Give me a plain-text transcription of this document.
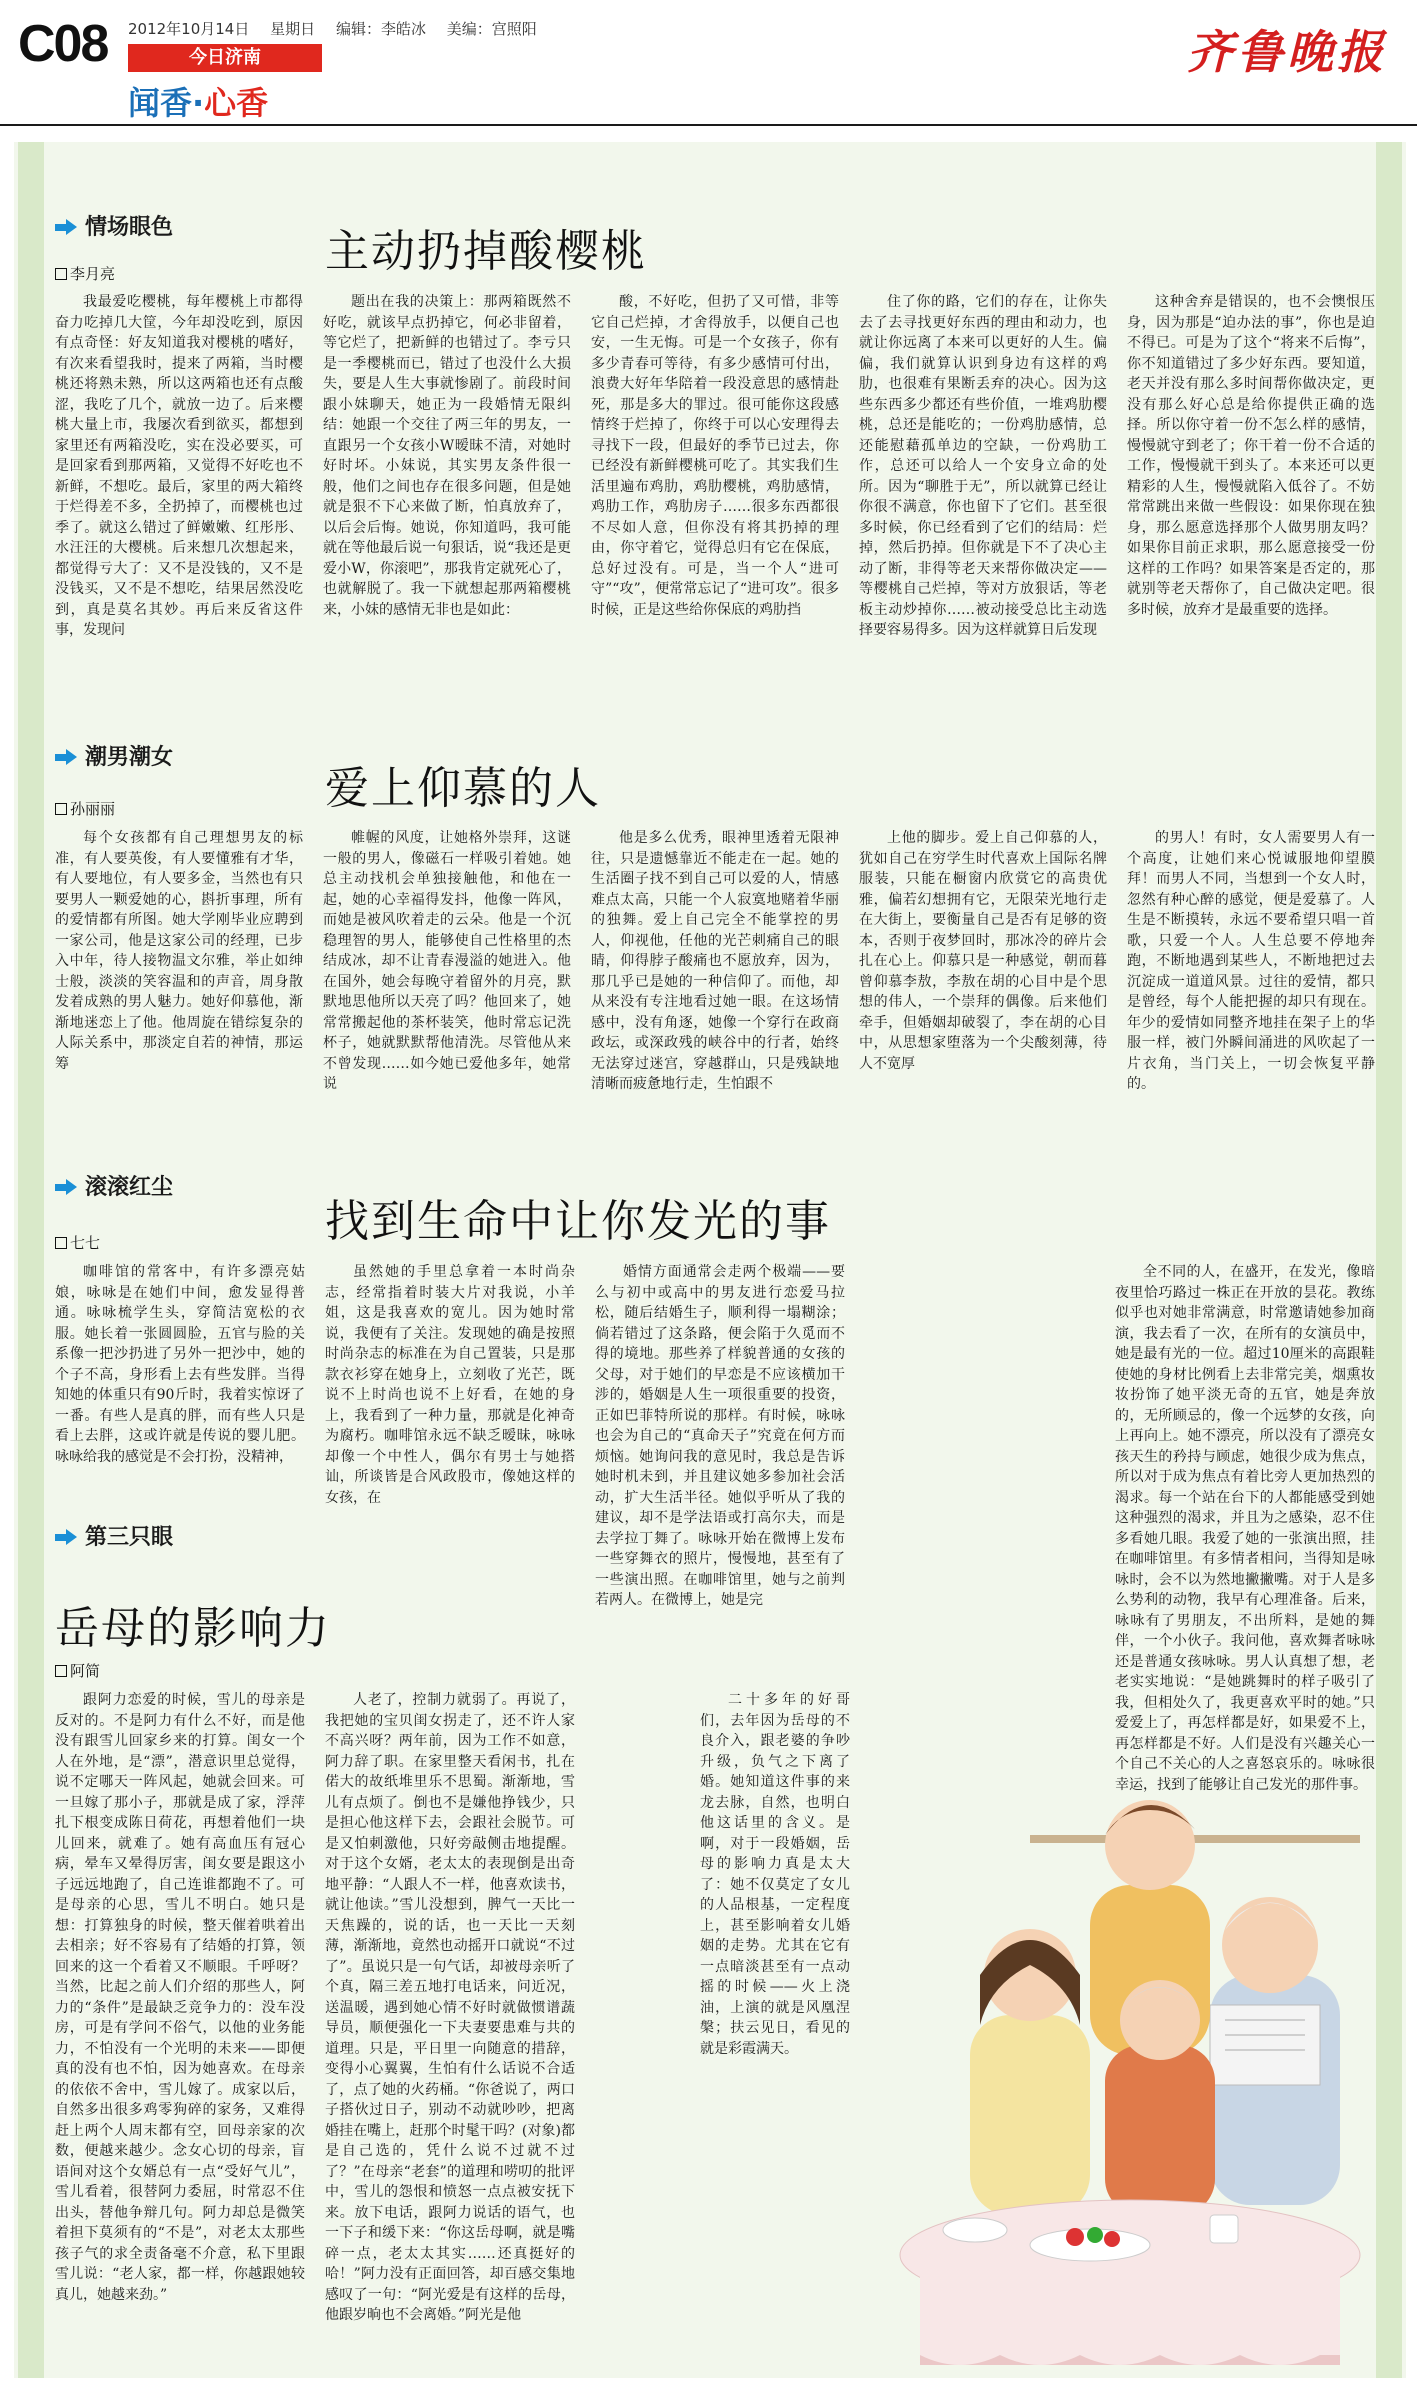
C08 2012年10月14日 星期日 编辑：李皓冰 美编：宫照阳
今日济南
闻香·心香
齐鲁晚报
情场眼色	主动扔掉酸樱桃
李月亮

我最爱吃樱桃，每年樱桃上市都得奋力吃掉几大筐，今年却没吃到，原因有点奇怪：好友知道我对樱桃的嗜好，有次来看望我时，提来了两箱，当时樱桃还将熟未熟，所以这两箱也还有点酸涩，我吃了几个，就放一边了。后来樱桃大量上市，我屡次看到欲买，都想到家里还有两箱没吃，实在没必要买，可是回家看到那两箱，又觉得不好吃也不新鲜，不想吃。最后，家里的两大箱终于烂得差不多，全扔掉了，而樱桃也过季了。就这么错过了鲜嫩嫩、红彤彤、水汪汪的大樱桃。后来想几次想起来，都觉得亏大了：又不是没钱的，又不是没钱买，又不是不想吃，结果居然没吃到，真是莫名其妙。再后来反省这件事，发现问

题出在我的决策上：那两箱既然不好吃，就该早点扔掉它，何必非留着，等它烂了，把新鲜的也错过了。李亏只是一季樱桃而已，错过了也没什么大损失，要是人生大事就惨剧了。前段时间跟小妹聊天，她正为一段婚情无限纠结：她跟一个交往了两三年的男友，一直跟另一个女孩小W暧昧不清，对她时好时坏。小妹说，其实男友条件很一般，他们之间也存在很多问题，但是她就是狠不下心来做了断，怕真放弃了，以后会后悔。她说，你知道吗，我可能就在等他最后说一句狠话，说“我还是更爱小W，你滚吧”，那我肯定就死心了，也就解脱了。我一下就想起那两箱樱桃来，小妹的感情无非也是如此：

酸，不好吃，但扔了又可惜，非等它自己烂掉，才舍得放手，以便自己也安，一生无悔。可是一个女孩子，你有多少青春可等待，有多少感情可付出，浪费大好年华陪着一段没意思的感情赴死，那是多大的罪过。很可能你这段感情终于烂掉了，你终于可以心安理得去寻找下一段，但最好的季节已过去，你已经没有新鲜樱桃可吃了。其实我们生活里遍布鸡肋，鸡肋樱桃，鸡肋感情，鸡肋工作，鸡肋房子……很多东西都很不尽如人意，但你没有将其扔掉的理由，你守着它，觉得总归有它在保底，总好过没有。可是，当一个人“进可守”“攻”，便常常忘记了“进可攻”。很多时候，正是这些给你保底的鸡肋挡

住了你的路，它们的存在，让你失去了去寻找更好东西的理由和动力，也就让你远离了本来可以更好的人生。偏偏，我们就算认识到身边有这样的鸡肋，也很难有果断丢弃的决心。因为这些东西多少都还有些价值，一堆鸡肋樱桃，总还是能吃的；一份鸡肋感情，总还能慰藉孤单边的空缺，一份鸡肋工作，总还可以给人一个安身立命的处所。因为“聊胜于无”，所以就算已经让你很不满意，你也留下了它们。甚至很多时候，你已经看到了它们的结局：烂掉，然后扔掉。但你就是下不了决心主动了断，非得等老天来帮你做决定——等樱桃自己烂掉，等对方放狠话，等老板主动炒掉你……被动接受总比主动选择要容易得多。因为这样就算日后发现

这种舍弃是错误的，也不会懊恨压身，因为那是“迫办法的事”，你也是迫不得已。可是为了这个“将来不后悔”，你不知道错过了多少好东西。要知道，老天并没有那么多时间帮你做决定，更没有那么好心总是给你提供正确的选择。所以你守着一份不怎么样的感情，慢慢就守到老了；你干着一份不合适的工作，慢慢就干到头了。本来还可以更精彩的人生，慢慢就陷入低谷了。不妨常常跳出来做一些假设：如果你现在独身，那么愿意选择那个人做男朋友吗？如果你目前正求职，那么愿意接受一份这样的工作吗？如果答案是否定的，那就别等老天帮你了，自己做决定吧。很多时候，放弃才是最重要的选择。

潮男潮女
爱上仰慕的人
孙丽丽

每个女孩都有自己理想男友的标准，有人要英俊，有人要懂雅有才华，有人要地位，有人要多金，当然也有只要男人一颗爱她的心，斟折事理，所有的爱情都有所图。她大学刚毕业应聘到一家公司，他是这家公司的经理，已步入中年，待人接物温文尔雅，举止如绅士般，淡淡的笑容温和的声音，周身散发着成熟的男人魅力。她好仰慕他，渐渐地迷恋上了他。他周旋在错综复杂的人际关系中，那淡定自若的神情，那运筹

帷幄的风度，让她格外崇拜，这谜一般的男人，像磁石一样吸引着她。她总主动找机会单独接触他，和他在一起，她的心幸福得发抖，他像一阵风，而她是被风吹着走的云朵。他是一个沉稳理智的男人，能够使自己性格里的杰结成冰，却不让青春漫溢的她进入。他在国外，她会每晚守着留外的月亮，默默地思他所以天亮了吗？他回来了，她常常搬起他的茶杯装笑，他时常忘记洗杯子，她就默默帮他清洗。尽管他从来不曾发现……如今她已爱他多年，她常说

他是多么优秀，眼神里透着无限神往，只是遗憾靠近不能走在一起。她的生活圈子找不到自己可以爱的人，情感难点太高，只能一个人寂寞地赌着华丽的独舞。爱上自己完全不能掌控的男人，仰视他，任他的光芒刺痛自己的眼睛，仰得脖子酸痛也不愿放弃，因为，那几乎已是她的一种信仰了。而他，却从来没有专注地看过她一眼。在这场情感中，没有角逐，她像一个穿行在政商政坛，或深政残的峡谷中的行者，始终无法穿过迷宫，穿越群山，只是残缺地清晰而疲惫地行走，生怕跟不

上他的脚步。爱上自己仰慕的人，犹如自己在穷学生时代喜欢上国际名牌服装，只能在橱窗内欣赏它的高贵优雅，偏若幻想拥有它，无限荣光地行走在大街上，要衡量自己是否有足够的资本，否则于夜梦回时，那冰冷的碎片会扎在心上。仰慕只是一种感觉，朝而暮曾仰慕李敖，李敖在胡的心目中是个思想的伟人，一个崇拜的偶像。后来他们牵手，但婚姻却破裂了，李在胡的心目中，从思想家堕落为一个尖酸刻薄，待人不宽厚

的男人！有时，女人需要男人有一个高度，让她们来心悦诚服地仰望膜拜！而男人不同，当想到一个女人时，忽然有种心醉的感觉，便是爱慕了。人生是不断摸转，永远不要希望只唱一首歌，只爱一个人。人生总要不停地奔跑，不断地遇到某些人，不断地把过去沉淀成一道道风景。过往的爱情，都只是曾经，每个人能把握的却只有现在。年少的爱情如同整齐地挂在架子上的华服一样，被门外瞬间涌进的风吹起了一片衣角，当门关上，一切会恢复平静的。

滚滚红尘
找到生命中让你发光的事
七七

咖啡馆的常客中，有许多漂亮姑娘，咏咏是在她们中间，愈发显得普通。咏咏梳学生头，穿简洁宽松的衣服。她长着一张圆圆脸，五官与脸的关系像一把沙扔进了另外一把沙中，她的个子不高，身形看上去有些发胖。当得知她的体重只有90斤时，我着实惊讶了一番。有些人是真的胖，而有些人只是看上去胖，这或许就是传说的婴儿肥。咏咏给我的感觉是不会打扮，没精神，

虽然她的手里总拿着一本时尚杂志，经常指着时装大片对我说，小羊姐，这是我喜欢的宽儿。因为她时常说，我便有了关注。发现她的确是按照时尚杂志的标准在为自己置装，只是那款衣衫穿在她身上，立刻收了光芒，既说不上时尚也说不上好看，在她的身上，我看到了一种力量，那就是化神奇为腐朽。咖啡馆永远不缺乏暧昧，咏咏却像一个中性人，偶尔有男士与她搭讪，所谈皆是合风政股市，像她这样的女孩，在

婚情方面通常会走两个极端——要么与初中或高中的男友进行恋爱马拉松，随后结婚生子，顺利得一塌糊涂；倘若错过了这条路，便会陷于久觅而不得的境地。那些养了样貌普通的女孩的父母，对于她们的早恋是不应该横加干涉的，婚姻是人生一项很重要的投资，正如巴菲特所说的那样。有时候，咏咏也会为自己的“真命天子”究竟在何方而烦恼。她询问我的意见时，我总是告诉她时机未到，并且建议她多参加社会活动，扩大生活半径。她似乎听从了我的建议，却不是学法语或打高尔夫，而是去学拉丁舞了。咏咏开始在微博上发布一些穿舞衣的照片，慢慢地，甚至有了一些演出照。在咖啡馆里，她与之前判若两人。在微博上，她是完

全不同的人，在盛开，在发光，像暗夜里恰巧路过一株正在开放的昙花。教练似乎也对她非常满意，时常邀请她参加商演，我去看了一次，在所有的女演员中，她是最有光的一位。超过10厘米的高跟鞋使她的身材比例看上去非常完美，烟熏妆妆扮饰了她平淡无奇的五官，她是奔放的，无所顾忌的，像一个远梦的女孩，向上再向上。她不漂亮，所以没有了漂亮女孩天生的矜持与顾虑，她很少成为焦点，所以对于成为焦点有着比旁人更加热烈的渴求。每一个站在台下的人都能感受到她这种强烈的渴求，并且为之感染，忍不住多看她几眼。我爱了她的一张演出照，挂在咖啡馆里。有多情者相问，当得知是咏咏时，会不以为然地撇撇嘴。对于人是多么势利的动物，我早有心理准备。后来，咏咏有了男朋友，不出所料，是她的舞伴，一个小伙子。我问他，喜欢舞者咏咏还是普通女孩咏咏。男人认真想了想，老老实实地说：“是她跳舞时的样子吸引了我，但相处久了，我更喜欢平时的她。”只爱爱上了，再怎样都是好，如果爱不上，再怎样都是不好。人们是没有兴趣关心一个自己不关心的人之喜怒哀乐的。咏咏很幸运，找到了能够让自己发光的那件事。

第三只眼
岳母的影响力
阿简

跟阿力恋爱的时候，雪儿的母亲是反对的。不是阿力有什么不好，而是他没有跟雪儿回家乡来的打算。闺女一个人在外地，是“漂”，潜意识里总觉得，说不定哪天一阵风起，她就会回来。可一旦嫁了那小子，那就是成了家，浮萍扎下根变成陈日荷花，再想着他们一块儿回来，就难了。她有高血压有冠心病，晕车又晕得厉害，闺女要是跟这小子远远地跑了，自己连谁都跑不了。可是母亲的心思，雪儿不明白。她只是想：打算独身的时候，整天催着哄着出去相亲；好不容易有了结婚的打算，领回来的这一个看着又不顺眼。千呼呀？当然，比起之前人们介绍的那些人，阿力的“条件”是最缺乏竞争力的：没车没房，可是有学问不俗气，以他的业务能力，不怕没有一个光明的未来——即便真的没有也不怕，因为她喜欢。在母亲的依依不舍中，雪儿嫁了。成家以后，自然多出很多鸡零狗碎的家务，又难得赶上两个人周末都有空，回母亲家的次数，便越来越少。念女心切的母亲，盲语间对这个女婿总有一点“受好气儿”，雪儿看着，很替阿力委屈，时常忍不住出头，替他争辩几句。阿力却总是微笑着担下莫须有的“不是”，对老太太那些孩子气的求全责备毫不介意，私下里跟雪儿说：“老人家，都一样，你越跟她较真儿，她越来劲。”

人老了，控制力就弱了。再说了，我把她的宝贝闺女拐走了，还不许人家不高兴呀？两年前，因为工作不如意，阿力辞了职。在家里整天看闲书，扎在偌大的故纸堆里乐不思蜀。渐渐地，雪儿有点烦了。倒也不是嫌他挣钱少，只是担心他这样下去，会跟社会脱节。可是又怕刺激他，只好旁敲侧击地提醒。对于这个女婿，老太太的表现倒是出奇地平静：“人跟人不一样，他喜欢读书，就让他读。”雪儿没想到，脾气一天比一天焦躁的，说的话，也一天比一天刻薄，渐渐地，竟然也动摇开口就说“不过了”。虽说只是一句气话，却被母亲听了个真，隔三差五地打电话来，问近况，送温暖，遇到她心情不好时就做惯谱蔬导员，顺便强化一下夫妻要患难与共的道理。只是，平日里一向随意的措辞，变得小心翼翼，生怕有什么话说不合适了，点了她的火药桶。“你爸说了，两口子搭伙过日子，别动不动就吵吵，把离婚挂在嘴上，赶那个时髦干吗？(对象)都是自己选的，凭什么说不过就不过了？”在母亲“老套”的道理和唠叨的批评中，雪儿的怨恨和愤怒一点点被安抚下来。放下电话，跟阿力说话的语气，也一下子和缓下来：“你这岳母啊，就是嘴碎一点，老太太其实……还真挺好的哈！”阿力没有正面回答，却百感交集地感叹了一句：“阿光爱是有这样的岳母，他跟岁晌也不会离婚。”阿光是他

二十多年的好哥们，去年因为岳母的不良介入，跟老婆的争吵升级，负气之下离了婚。她知道这件事的来龙去脉，自然，也明白他这话里的含义。是啊，对于一段婚姻，岳母的影响力真是太大了：她不仅莫定了女儿的人品根基，一定程度上，甚至影响着女儿婚姻的走势。尤其在它有一点暗淡甚至有一点动摇的时候——火上浇油，上演的就是风凰涅槃；扶云见日，看见的就是彩霞满天。
